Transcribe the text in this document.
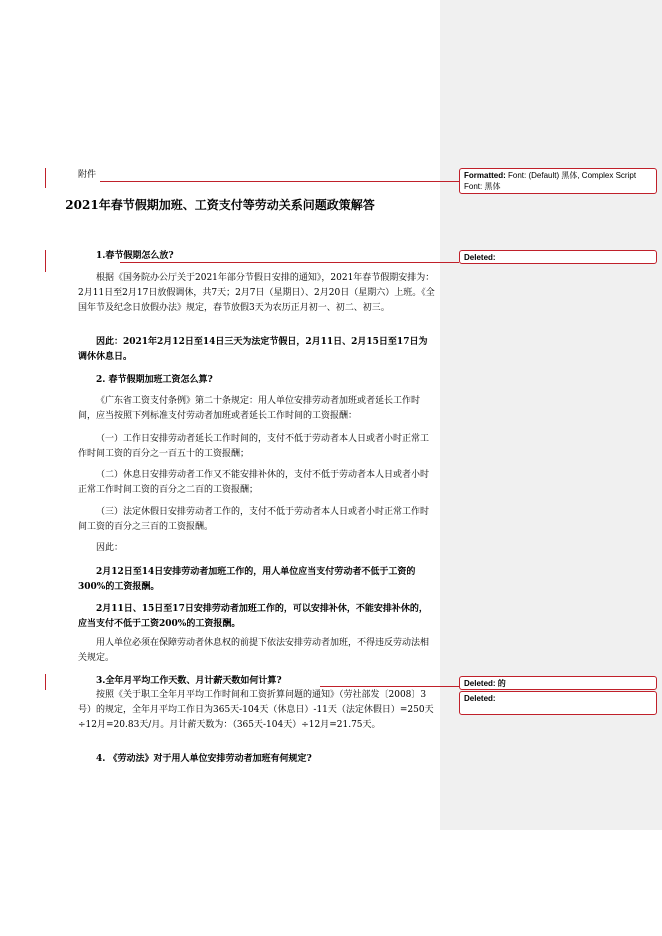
附件

2021年春节假期加班、工资支付等劳动关系问题政策解答

1.春节假期怎么放?

根据《国务院办公厅关于2021年部分节假日安排的通知》，2021年春节假期安排为：2月11日至2月17日放假调休，共7天；2月7日（星期日）、2月20日（星期六）上班。《全国年节及纪念日放假办法》规定，春节放假3天为农历正月初一、初二、初三。

因此：2021年2月12日至14日三天为法定节假日，2月11日、2月15日至17日为调休休息日。

2. 春节假期加班工资怎么算?

《广东省工资支付条例》第二十条规定：用人单位安排劳动者加班或者延长工作时间，应当按照下列标准支付劳动者加班或者延长工作时间的工资报酬：

（一）工作日安排劳动者延长工作时间的，支付不低于劳动者本人日或者小时正常工作时间工资的百分之一百五十的工资报酬；

（二）休息日安排劳动者工作又不能安排补休的，支付不低于劳动者本人日或者小时正常工作时间工资的百分之二百的工资报酬；

（三）法定休假日安排劳动者工作的，支付不低于劳动者本人日或者小时正常工作时间工资的百分之三百的工资报酬。

因此：

2月12日至14日安排劳动者加班工作的，用人单位应当支付劳动者不低于工资的300%的工资报酬。

2月11日、15日至17日安排劳动者加班工作的，可以安排补休，不能安排补休的，应当支付不低于工资200%的工资报酬。

用人单位必须在保障劳动者休息权的前提下依法安排劳动者加班，不得违反劳动法相关规定。

3.全年月平均工作天数、月计薪天数如何计算?

按照《关于职工全年月平均工作时间和工资折算问题的通知》（劳社部发〔2008〕3号）的规定，全年月平均工作日为365天-104天（休息日）-11天（法定休假日）=250天÷12月=20.83天/月。月计薪天数为：（365天-104天）÷12月=21.75天。

4. 《劳动法》对于用人单位安排劳动者加班有何规定?

Formatted: Font: (Default) 黑体, Complex Script Font: 黑体
Deleted:
Deleted: 的
Deleted:
